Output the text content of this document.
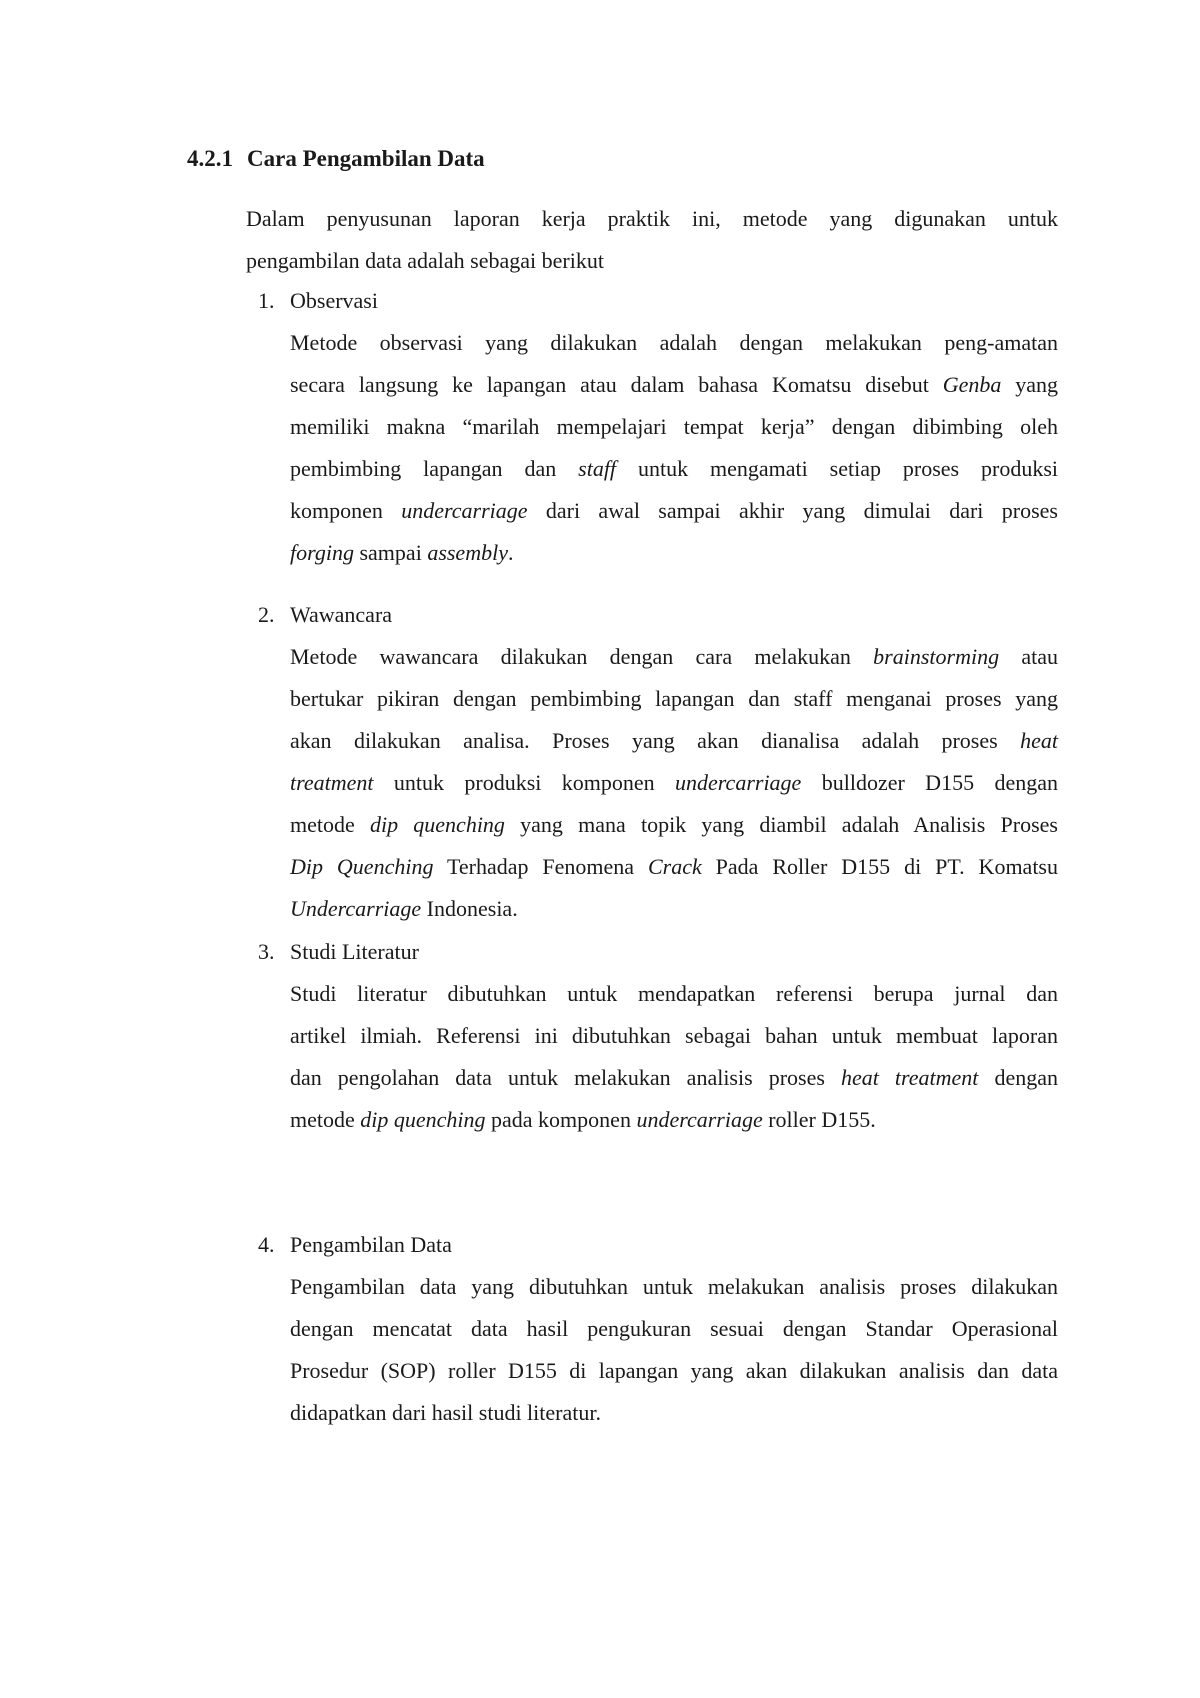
4.2.1 Cara Pengambilan Data
Dalam penyusunan laporan kerja praktik ini, metode yang digunakan untuk
pengambilan data adalah sebagai berikut
1. Observasi
Metode observasi yang dilakukan adalah dengan melakukan peng-amatan
secara langsung ke lapangan atau dalam bahasa Komatsu disebut Genba yang
memiliki makna “marilah mempelajari tempat kerja” dengan dibimbing oleh
pembimbing lapangan dan staff untuk mengamati setiap proses produksi
komponen undercarriage dari awal sampai akhir yang dimulai dari proses
forging sampai assembly.
2. Wawancara
Metode wawancara dilakukan dengan cara melakukan brainstorming atau
bertukar pikiran dengan pembimbing lapangan dan staff menganai proses yang
akan dilakukan analisa. Proses yang akan dianalisa adalah proses heat
treatment untuk produksi komponen undercarriage bulldozer D155 dengan
metode dip quenching yang mana topik yang diambil adalah Analisis Proses
Dip Quenching Terhadap Fenomena Crack Pada Roller D155 di PT. Komatsu
Undercarriage Indonesia.
3. Studi Literatur
Studi literatur dibutuhkan untuk mendapatkan referensi berupa jurnal dan
artikel ilmiah. Referensi ini dibutuhkan sebagai bahan untuk membuat laporan
dan pengolahan data untuk melakukan analisis proses heat treatment dengan
metode dip quenching pada komponen undercarriage roller D155.
4. Pengambilan Data
Pengambilan data yang dibutuhkan untuk melakukan analisis proses dilakukan
dengan mencatat data hasil pengukuran sesuai dengan Standar Operasional
Prosedur (SOP) roller D155 di lapangan yang akan dilakukan analisis dan data
didapatkan dari hasil studi literatur.
